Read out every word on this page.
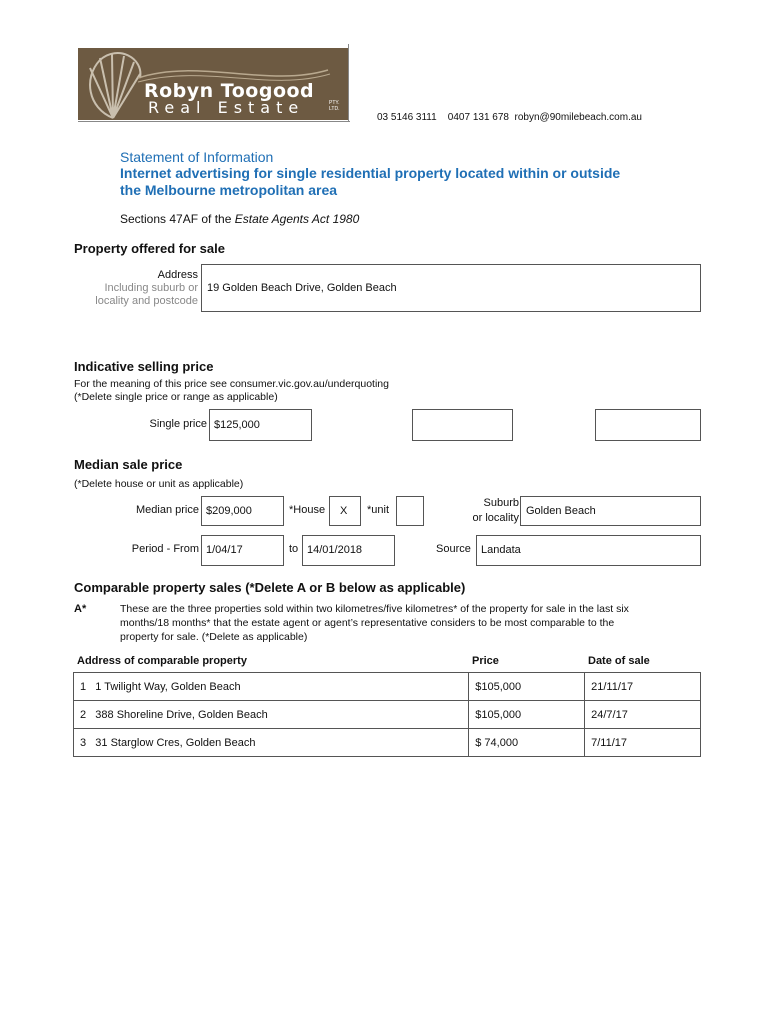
Robyn Toogood
Real Estate	PTY. LTD.
03 5146 3111    0407 131 678  robyn@90milebeach.com.au
Statement of Information
Internet advertising for single residential property located within or outside
the Melbourne metropolitan area
Sections 47AF of the Estate Agents Act 1980
Property offered for sale
Address
Including suburb or
locality and postcode
19 Golden Beach Drive, Golden Beach
Indicative selling price
For the meaning of this price see consumer.vic.gov.au/underquoting
(*Delete single price or range as applicable)
Single price $125,000
Median sale price
(*Delete house or unit as applicable)
Median price $209,000	*House X *unit
Suburb
or locality
Golden Beach
Period - From 1/04/17	to 14/01/2018	Source Landata
Comparable property sales (*Delete A or B below as applicable)
A*	These are the three properties sold within two kilometres/five kilometres* of the property for sale in the last six
months/18 months* that the estate agent or agent’s representative considers to be most comparable to the
property for sale. (*Delete as applicable)
Address of comparable property	Price	Date of sale
1 1 Twilight Way, Golden Beach	$105,000	21/11/17
2 388 Shoreline Drive, Golden Beach	$105,000	24/7/17
3 31 Starglow Cres, Golden Beach	$ 74,000	7/11/17
